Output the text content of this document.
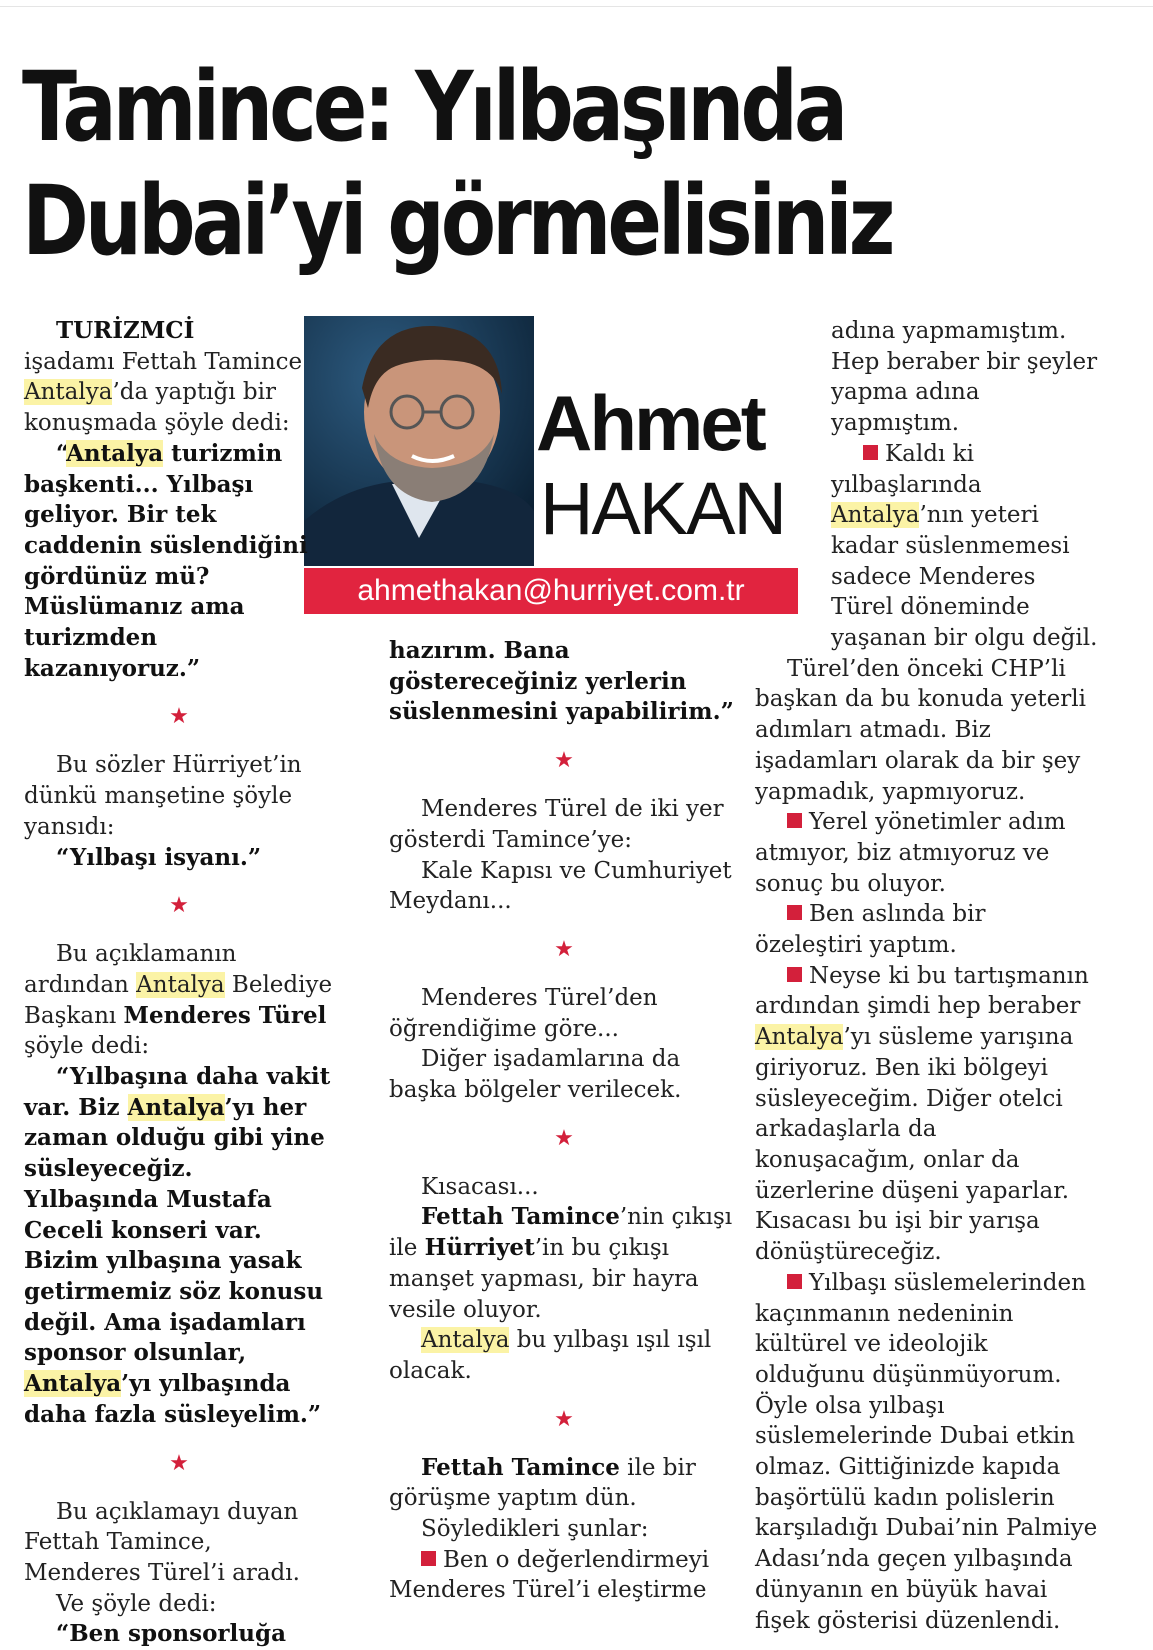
Tamince: Yılbaşında
Dubai’yi görmelisiniz
Ahmet
HAKAN
ahmethakan@hurriyet.com.tr

TURİZMCİ
işadamı Fettah Tamince Antalya’da yaptığı bir konuşmada şöyle dedi:

“Antalya turizmin başkenti... Yılbaşı geliyor. Bir tek caddenin süslendiğini gördünüz mü? Müslümanız ama turizmden kazanıyoruz.”

★

Bu sözler Hürriyet’in dünkü manşetine şöyle yansıdı:

“Yılbaşı isyanı.”

★

Bu açıklamanın ardından Antalya Belediye Başkanı Menderes Türel şöyle dedi:

“Yılbaşına daha vakit var. Biz Antalya’yı her zaman olduğu gibi yine süsleyeceğiz. Yılbaşında Mustafa Ceceli konseri var. Bizim yılbaşına yasak getirmemiz söz konusu değil. Ama işadamları sponsor olsunlar, Antalya’yı yılbaşında daha fazla süsleyelim.”

★

Bu açıklamayı duyan Fettah Tamince, Menderes Türel’i aradı.

Ve şöyle dedi:

“Ben sponsorluğa

hazırım. Bana göstereceğiniz yerlerin süslenmesini yapabilirim.”

★

Menderes Türel de iki yer gösterdi Tamince’ye:

Kale Kapısı ve Cumhuriyet Meydanı...

★

Menderes Türel’den öğrendiğime göre...

Diğer işadamlarına da başka bölgeler verilecek.

★

Kısacası...

Fettah Tamince’nin çıkışı ile Hürriyet’in bu çıkışı manşet yapması, bir hayra vesile oluyor.

Antalya bu yılbaşı ışıl ışıl olacak.

★

Fettah Tamince ile bir görüşme yaptım dün.

Söyledikleri şunlar:

Ben o değerlendirmeyi Menderes Türel’i eleştirme

adına yapmamıştım. Hep beraber bir şeyler yapma adına yapmıştım.

Kaldı ki yılbaşlarında Antalya’nın yeteri kadar süslenmemesi sadece Menderes Türel döneminde yaşanan bir olgu değil.

Türel’den önceki CHP’li başkan da bu konuda yeterli adımları atmadı. Biz işadamları olarak da bir şey yapmadık, yapmıyoruz.

Yerel yönetimler adım atmıyor, biz atmıyoruz ve sonuç bu oluyor.

Ben aslında bir özeleştiri yaptım.

Neyse ki bu tartışmanın ardından şimdi hep beraber Antalya’yı süsleme yarışına giriyoruz. Ben iki bölgeyi süsleyeceğim. Diğer otelci arkadaşlarla da konuşacağım, onlar da üzerlerine düşeni yaparlar. Kısacası bu işi bir yarışa dönüştüreceğiz.

Yılbaşı süslemelerinden kaçınmanın nedeninin kültürel ve ideolojik olduğunu düşünmüyorum. Öyle olsa yılbaşı süslemelerinde Dubai etkin olmaz. Gittiğinizde kapıda başörtülü kadın polislerin karşıladığı Dubai’nin Palmiye Adası’nda geçen yılbaşında dünyanın en büyük havai fişek gösterisi düzenlendi.
